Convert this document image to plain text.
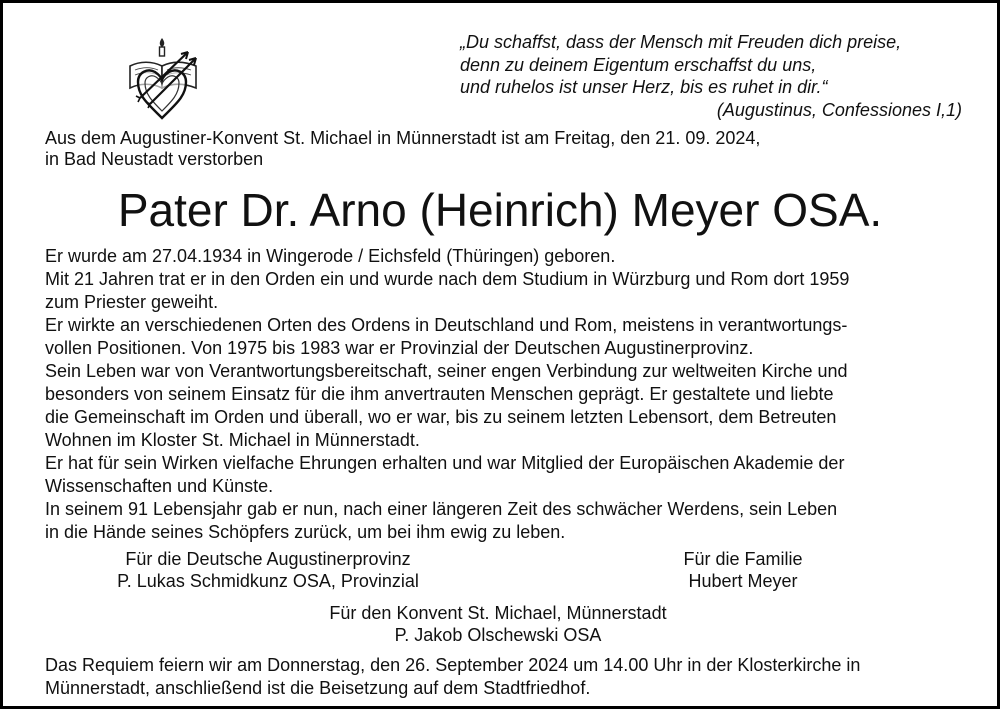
„Du schaffst, dass der Mensch mit Freuden dich preise,
denn zu deinem Eigentum erschaffst du uns,
und ruhelos ist unser Herz, bis es ruhet in dir.“
(Augustinus, Confessiones I,1)
Aus dem Augustiner-Konvent St. Michael in Münnerstadt ist am Freitag, den 21. 09. 2024,
in Bad Neustadt verstorben
Pater Dr. Arno (Heinrich) Meyer OSA.
Er wurde am 27.04.1934 in Wingerode / Eichsfeld (Thüringen) geboren.
Mit 21 Jahren trat er in den Orden ein und wurde nach dem Studium in Würzburg und Rom dort 1959
zum Priester geweiht.
Er wirkte an verschiedenen Orten des Ordens in Deutschland und Rom, meistens in verantwortungs-
vollen Positionen. Von 1975 bis 1983 war er Provinzial der Deutschen Augustinerprovinz.
Sein Leben war von Verantwortungsbereitschaft, seiner engen Verbindung zur weltweiten Kirche und
besonders von seinem Einsatz für die ihm anvertrauten Menschen geprägt. Er gestaltete und liebte
die Gemeinschaft im Orden und überall, wo er war, bis zu seinem letzten Lebensort, dem Betreuten
Wohnen im Kloster St. Michael in Münnerstadt.
Er hat für sein Wirken vielfache Ehrungen erhalten und war Mitglied der Europäischen Akademie der
Wissenschaften und Künste.
In seinem 91 Lebensjahr gab er nun, nach einer längeren Zeit des schwächer Werdens, sein Leben
in die Hände seines Schöpfers zurück, um bei ihm ewig zu leben.
Für die Deutsche Augustinerprovinz
P. Lukas Schmidkunz OSA, Provinzial
Für die Familie
Hubert Meyer
Für den Konvent St. Michael, Münnerstadt
P. Jakob Olschewski OSA
Das Requiem feiern wir am Donnerstag, den 26. September 2024 um 14.00 Uhr in der Klosterkirche in
Münnerstadt, anschließend ist die Beisetzung auf dem Stadtfriedhof.
